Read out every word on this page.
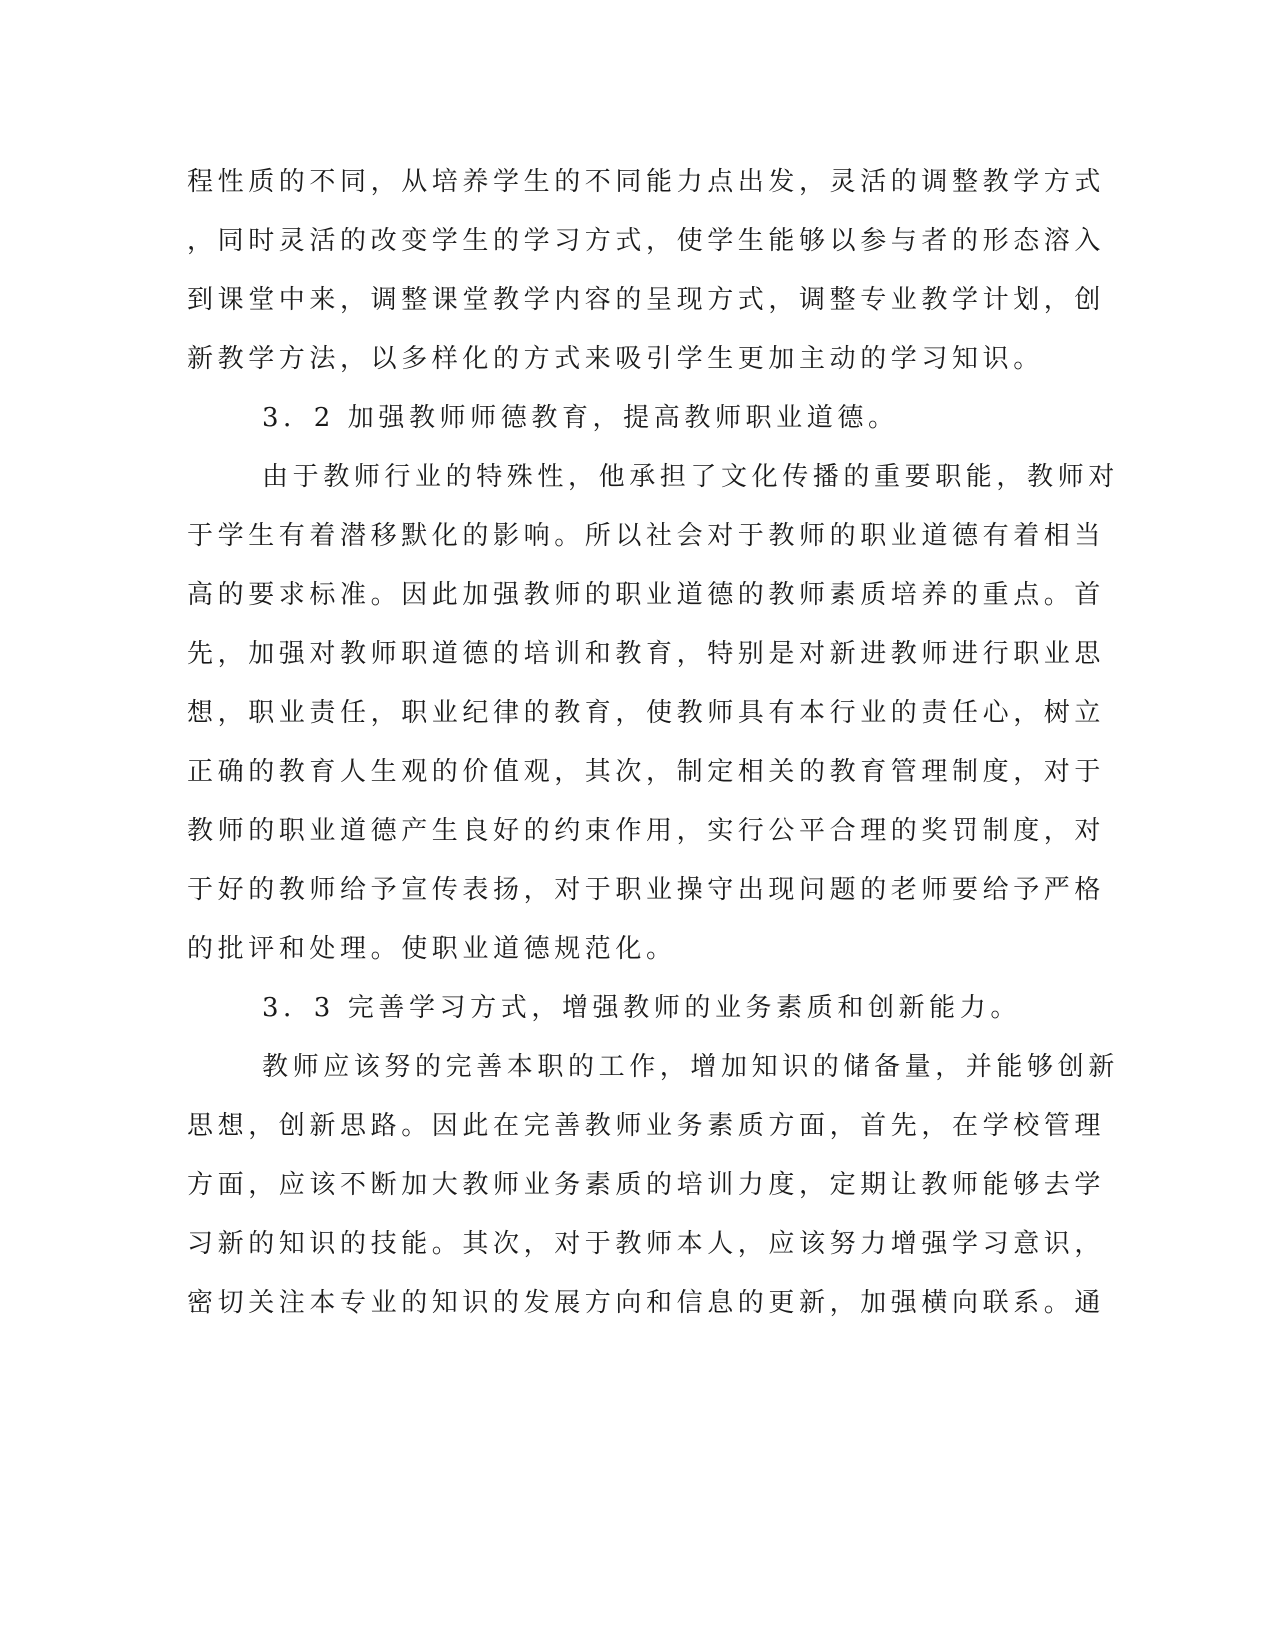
程性质的不同，从培养学生的不同能力点出发，灵活的调整教学方式
，同时灵活的改变学生的学习方式，使学生能够以参与者的形态溶入
到课堂中来，调整课堂教学内容的呈现方式，调整专业教学计划，创
新教学方法，以多样化的方式来吸引学生更加主动的学习知识。
3．2 加强教师师德教育，提高教师职业道德。
由于教师行业的特殊性，他承担了文化传播的重要职能，教师对
于学生有着潜移默化的影响。所以社会对于教师的职业道德有着相当
高的要求标准。因此加强教师的职业道德的教师素质培养的重点。首
先，加强对教师职道德的培训和教育，特别是对新进教师进行职业思
想，职业责任，职业纪律的教育，使教师具有本行业的责任心，树立
正确的教育人生观的价值观，其次，制定相关的教育管理制度，对于
教师的职业道德产生良好的约束作用，实行公平合理的奖罚制度，对
于好的教师给予宣传表扬，对于职业操守出现问题的老师要给予严格
的批评和处理。使职业道德规范化。
3．3 完善学习方式，增强教师的业务素质和创新能力。
教师应该努的完善本职的工作，增加知识的储备量，并能够创新
思想，创新思路。因此在完善教师业务素质方面，首先，在学校管理
方面，应该不断加大教师业务素质的培训力度，定期让教师能够去学
习新的知识的技能。其次，对于教师本人，应该努力增强学习意识，
密切关注本专业的知识的发展方向和信息的更新，加强横向联系。通
